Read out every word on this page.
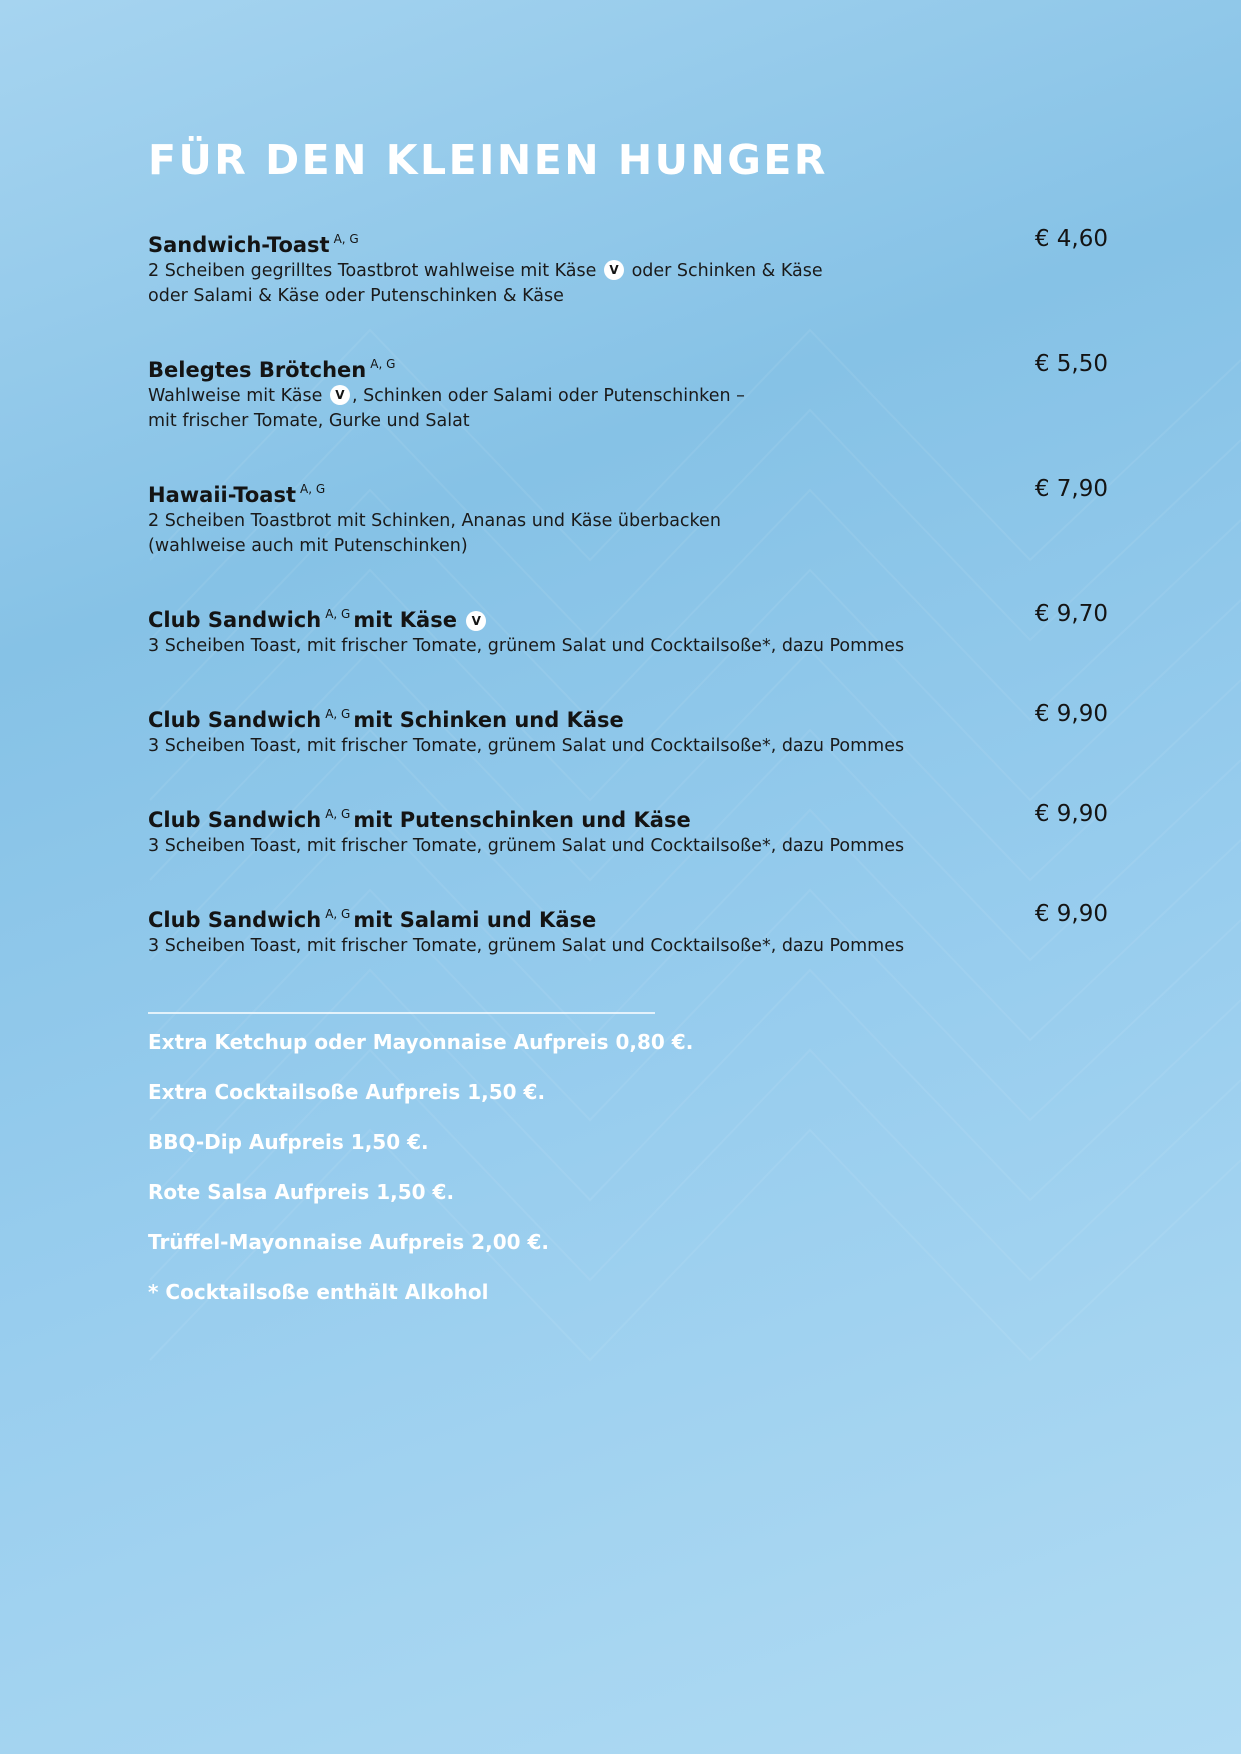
FÜR DEN KLEINEN HUNGER
Sandwich-Toast $^{A, G}$
2 Scheiben gegrilltes Toastbrot wahlweise mit Käse V oder Schinken & Käse
oder Salami & Käse oder Putenschinken & Käse
€ 4,60
Belegtes Brötchen $^{A, G}$
Wahlweise mit Käse V , Schinken oder Salami oder Putenschinken –
mit frischer Tomate, Gurke und Salat
€ 5,50
Hawaii-Toast $^{A, G}$
2 Scheiben Toastbrot mit Schinken, Ananas und Käse überbacken
(wahlweise auch mit Putenschinken)
€ 7,90
Club Sandwich $^{A, G}$ mit Käse V
3 Scheiben Toast, mit frischer Tomate, grünem Salat und Cocktailsoße*, dazu Pommes
€ 9,70
Club Sandwich $^{A, G}$ mit Schinken und Käse
3 Scheiben Toast, mit frischer Tomate, grünem Salat und Cocktailsoße*, dazu Pommes
€ 9,90
Club Sandwich $^{A, G}$ mit Putenschinken und Käse
3 Scheiben Toast, mit frischer Tomate, grünem Salat und Cocktailsoße*, dazu Pommes
€ 9,90
Club Sandwich $^{A, G}$ mit Salami und Käse
3 Scheiben Toast, mit frischer Tomate, grünem Salat und Cocktailsoße*, dazu Pommes
€ 9,90
Extra Ketchup oder Mayonnaise Aufpreis 0,80 €.
Extra Cocktailsoße Aufpreis 1,50 €.
BBQ-Dip Aufpreis 1,50 €.
Rote Salsa Aufpreis 1,50 €.
Trüffel-Mayonnaise Aufpreis 2,00 €.
* Cocktailsoße enthält Alkohol
